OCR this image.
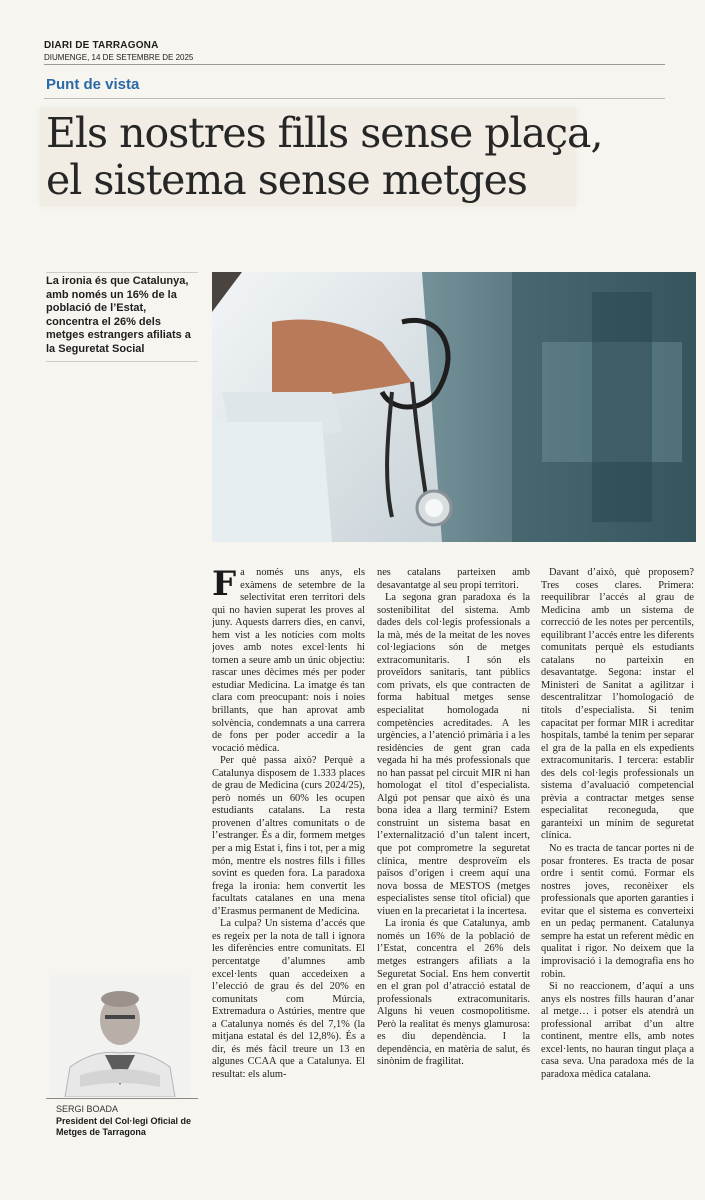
DIARI DE TARRAGONA
DIUMENGE, 14 DE SETEMBRE DE 2025
Punt de vista
Els nostres fills sense plaça, el sistema sense metges
La ironia és que Catalunya, amb només un 16% de la població de l’Estat, concentra el 26% dels metges estrangers afiliats a la Seguretat Social
SERGI BOADA
President del Col·legi Oficial de Metges de Tarragona

Fa només uns anys, els exàmens de setembre de la selectivitat eren territori dels qui no havien superat les proves al juny. Aquests darrers dies, en canvi, hem vist a les notícies com molts joves amb notes excel·lents hi tornen a seure amb un únic objectiu: rascar unes dècimes més per poder estudiar Medicina. La imatge és tan clara com preocupant: nois i noies brillants, que han aprovat amb solvència, condemnats a una carrera de fons per poder accedir a la vocació mèdica.

Per què passa això? Perquè a Catalunya disposem de 1.333 places de grau de Medicina (curs 2024/25), però només un 60% les ocupen estudiants catalans. La resta provenen d’altres comunitats o de l’estranger. És a dir, formem metges per a mig Estat i, fins i tot, per a mig món, mentre els nostres fills i filles sovint es queden fora. La paradoxa frega la ironia: hem convertit les facultats catalanes en una mena d’Erasmus permanent de Medicina.

La culpa? Un sistema d’accés que es regeix per la nota de tall i ignora les diferències entre comunitats. El percentatge d’alumnes amb excel·lents quan accedeixen a l’elecció de grau és del 20% en comunitats com Múrcia, Extremadura o Astúries, mentre que a Catalunya només és del 7,1% (la mitjana estatal és del 12,8%). És a dir, és més fàcil treure un 13 en algunes CCAA que a Catalunya. El resultat: els alum-

nes catalans parteixen amb desavantatge al seu propi territori.

La segona gran paradoxa és la sostenibilitat del sistema. Amb dades dels col·legis professionals a la mà, més de la meitat de les noves col·legiacions són de metges extracomunitaris. I són els proveïdors sanitaris, tant públics com privats, els que contracten de forma habitual metges sense especialitat homologada ni competències acreditades. A les urgències, a l’atenció primària i a les residències de gent gran cada vegada hi ha més professionals que no han passat pel circuit MIR ni han homologat el títol d’especialista. Algú pot pensar que això és una bona idea a llarg termini? Estem construint un sistema basat en l’externalització d’un talent incert, que pot comprometre la seguretat clínica, mentre desproveïm els països d’origen i creem aquí una nova bossa de MESTOS (metges especialistes sense títol oficial) que viuen en la precarietat i la incertesa.

La ironia és que Catalunya, amb només un 16% de la població de l’Estat, concentra el 26% dels metges estrangers afiliats a la Seguretat Social. Ens hem convertit en el gran pol d’atracció estatal de professionals extracomunitaris. Alguns hi veuen cosmopolitisme. Però la realitat és menys glamurosa: es diu dependència. I la dependència, en matèria de salut, és sinònim de fragilitat.

Davant d’això, què proposem? Tres coses clares. Primera: reequilibrar l’accés al grau de Medicina amb un sistema de correcció de les notes per percentils, equilibrant l’accés entre les diferents comunitats perquè els estudiants catalans no parteixin en desavantatge. Segona: instar el Ministeri de Sanitat a agilitzar i descentralitzar l’homologació de títols d’especialista. Si tenim capacitat per formar MIR i acreditar hospitals, també la tenim per separar el gra de la palla en els expedients extracomunitaris. I tercera: establir des dels col·legis professionals un sistema d’avaluació competencial prèvia a contractar metges sense especialitat reconeguda, que garanteixi un mínim de seguretat clínica.

No es tracta de tancar portes ni de posar fronteres. Es tracta de posar ordre i sentit comú. Formar els nostres joves, reconèixer els professionals que aporten garanties i evitar que el sistema es converteixi en un pedaç permanent. Catalunya sempre ha estat un referent mèdic en qualitat i rigor. No deixem que la improvisació i la demografia ens ho robin.

Si no reaccionem, d’aquí a uns anys els nostres fills hauran d’anar al metge… i potser els atendrà un professional arribat d’un altre continent, mentre ells, amb notes excel·lents, no hauran tingut plaça a casa seva. Una paradoxa més de la paradoxa mèdica catalana.
